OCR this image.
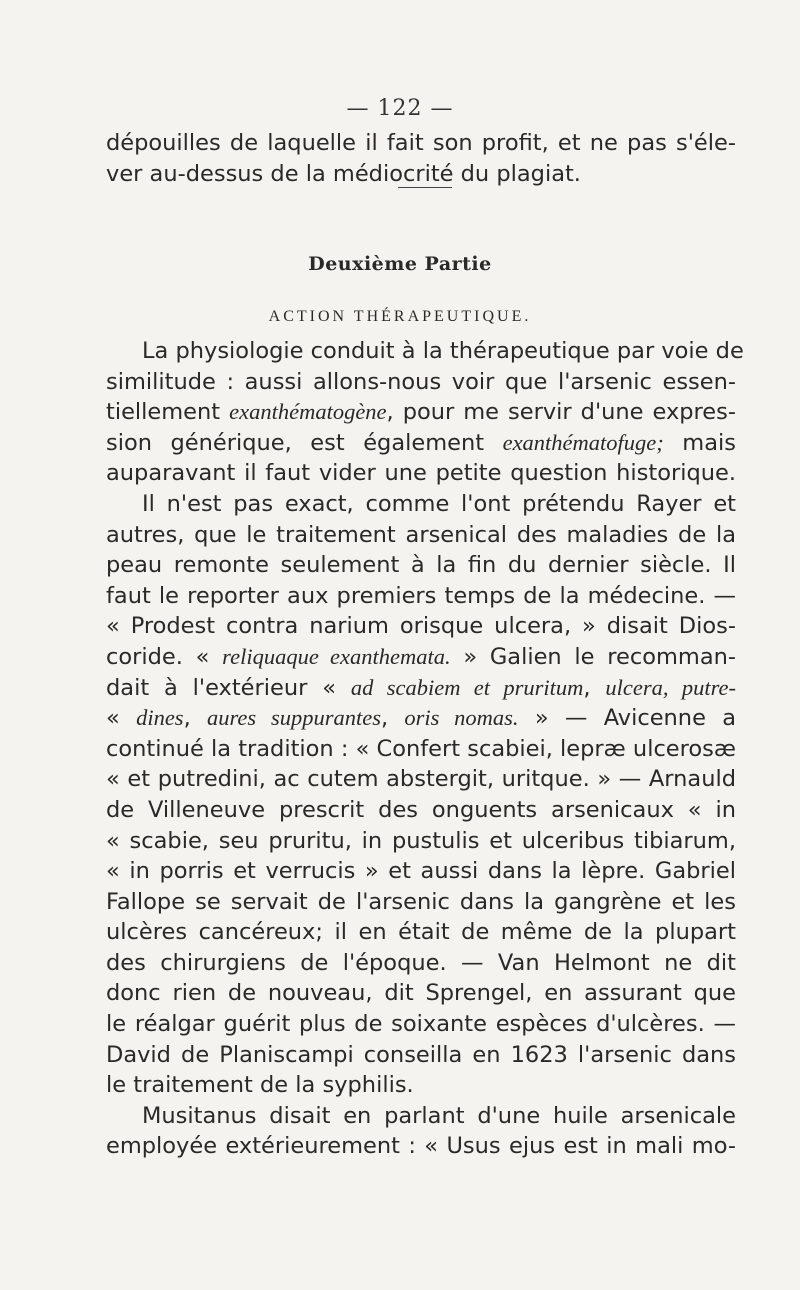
— 122 —
dépouilles de laquelle il fait son profit, et ne pas s'éle-
ver au-dessus de la médiocrité du plagiat.
Deuxième Partie
ACTION THÉRAPEUTIQUE.
La physiologie conduit à la thérapeutique par voie de
similitude : aussi allons-nous voir que l'arsenic essen-
tiellement exanthématogène, pour me servir d'une expres-
sion générique, est également exanthématofuge; mais
auparavant il faut vider une petite question historique.
Il n'est pas exact, comme l'ont prétendu Rayer et
autres, que le traitement arsenical des maladies de la
peau remonte seulement à la fin du dernier siècle. Il
faut le reporter aux premiers temps de la médecine. —
« Prodest contra narium orisque ulcera, » disait Dios-
coride. « reliquaque exanthemata. » Galien le recomman-
dait à l'extérieur « ad scabiem et pruritum, ulcera, putre-
« dines, aures suppurantes, oris nomas. » — Avicenne a
continué la tradition : « Confert scabiei, lepræ ulcerosæ
« et putredini, ac cutem abstergit, uritque. » — Arnauld
de Villeneuve prescrit des onguents arsenicaux « in
« scabie, seu pruritu, in pustulis et ulceribus tibiarum,
« in porris et verrucis » et aussi dans la lèpre. Gabriel
Fallope se servait de l'arsenic dans la gangrène et les
ulcères cancéreux; il en était de même de la plupart
des chirurgiens de l'époque. — Van Helmont ne dit
donc rien de nouveau, dit Sprengel, en assurant que
le réalgar guérit plus de soixante espèces d'ulcères. —
David de Planiscampi conseilla en 1623 l'arsenic dans
le traitement de la syphilis.
Musitanus disait en parlant d'une huile arsenicale
employée extérieurement : « Usus ejus est in mali mo-
